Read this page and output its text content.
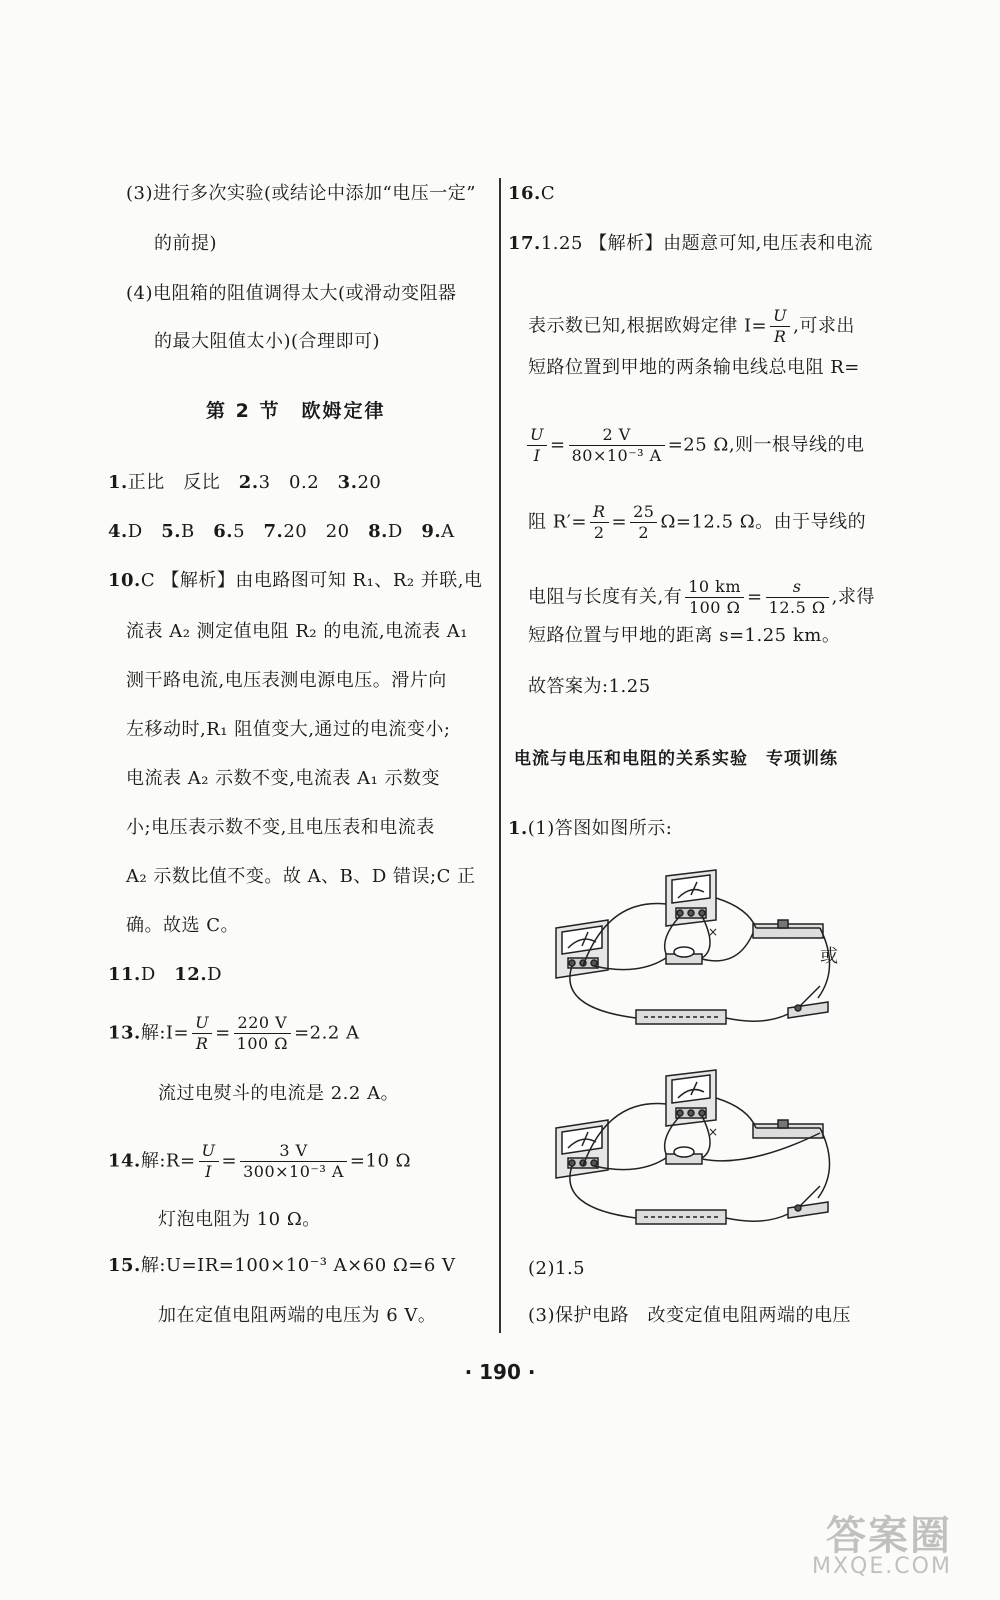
(3)进行多次实验(或结论中添加“电压一定”
的前提)
(4)电阻箱的阻值调得太大(或滑动变阻器
的最大阻值太小)(合理即可)
第 2 节　欧姆定律
1.正比　反比　2.3　0.2　3.20
4.D　5.B　6.5　7.20　20　8.D　9.A
10.C 【解析】由电路图可知 R₁、R₂ 并联,电
流表 A₂ 测定值电阻 R₂ 的电流,电流表 A₁
测干路电流,电压表测电源电压。滑片向
左移动时,R₁ 阻值变大,通过的电流变小;
电流表 A₂ 示数不变,电流表 A₁ 示数变
小;电压表示数不变,且电压表和电流表
A₂ 示数比值不变。故 A、B、D 错误;C 正
确。故选 C。
11.D　12.D
13.解:I= $\frac{U}{R} = \frac{220 V}{100 \Omega} =2.2$ A
流过电熨斗的电流是 2.2 A。
14.解:R= $\frac{U}{I} = \frac{3 V}{\text{300×10⁻³ A}} =10$ Ω
灯泡电阻为 10 Ω。
15.解:U=IR=100×10⁻³ A×60 Ω=6 V
加在定值电阻两端的电压为 6 V。
16.C
17.1.25 【解析】由题意可知,电压表和电流
表示数已知,根据欧姆定律 $I= \frac{U}{R}$ ,可求出
短路位置到甲地的两条输电线总电阻 R=
$\frac{U}{I} = \frac{2 V}{\text{80×10⁻³ A}} =25$ Ω,则一根导线的电
阻 $R'= \frac{R}{2} = \frac{25}{2} \Omega=12.5$ Ω。由于导线的
电阻与长度有关,有 $\frac{10 km}{100 \Omega} = \frac{s}{12.5 \Omega}$ ,求得
短路位置与甲地的距离 s=1.25 km。
故答案为:1.25
电流与电压和电阻的关系实验　专项训练
1.(1)答图如图所示:
×
或
×
(2)1.5
(3)保护电路　改变定值电阻两端的电压
· 190 ·
答案圈
MXQE.COM
